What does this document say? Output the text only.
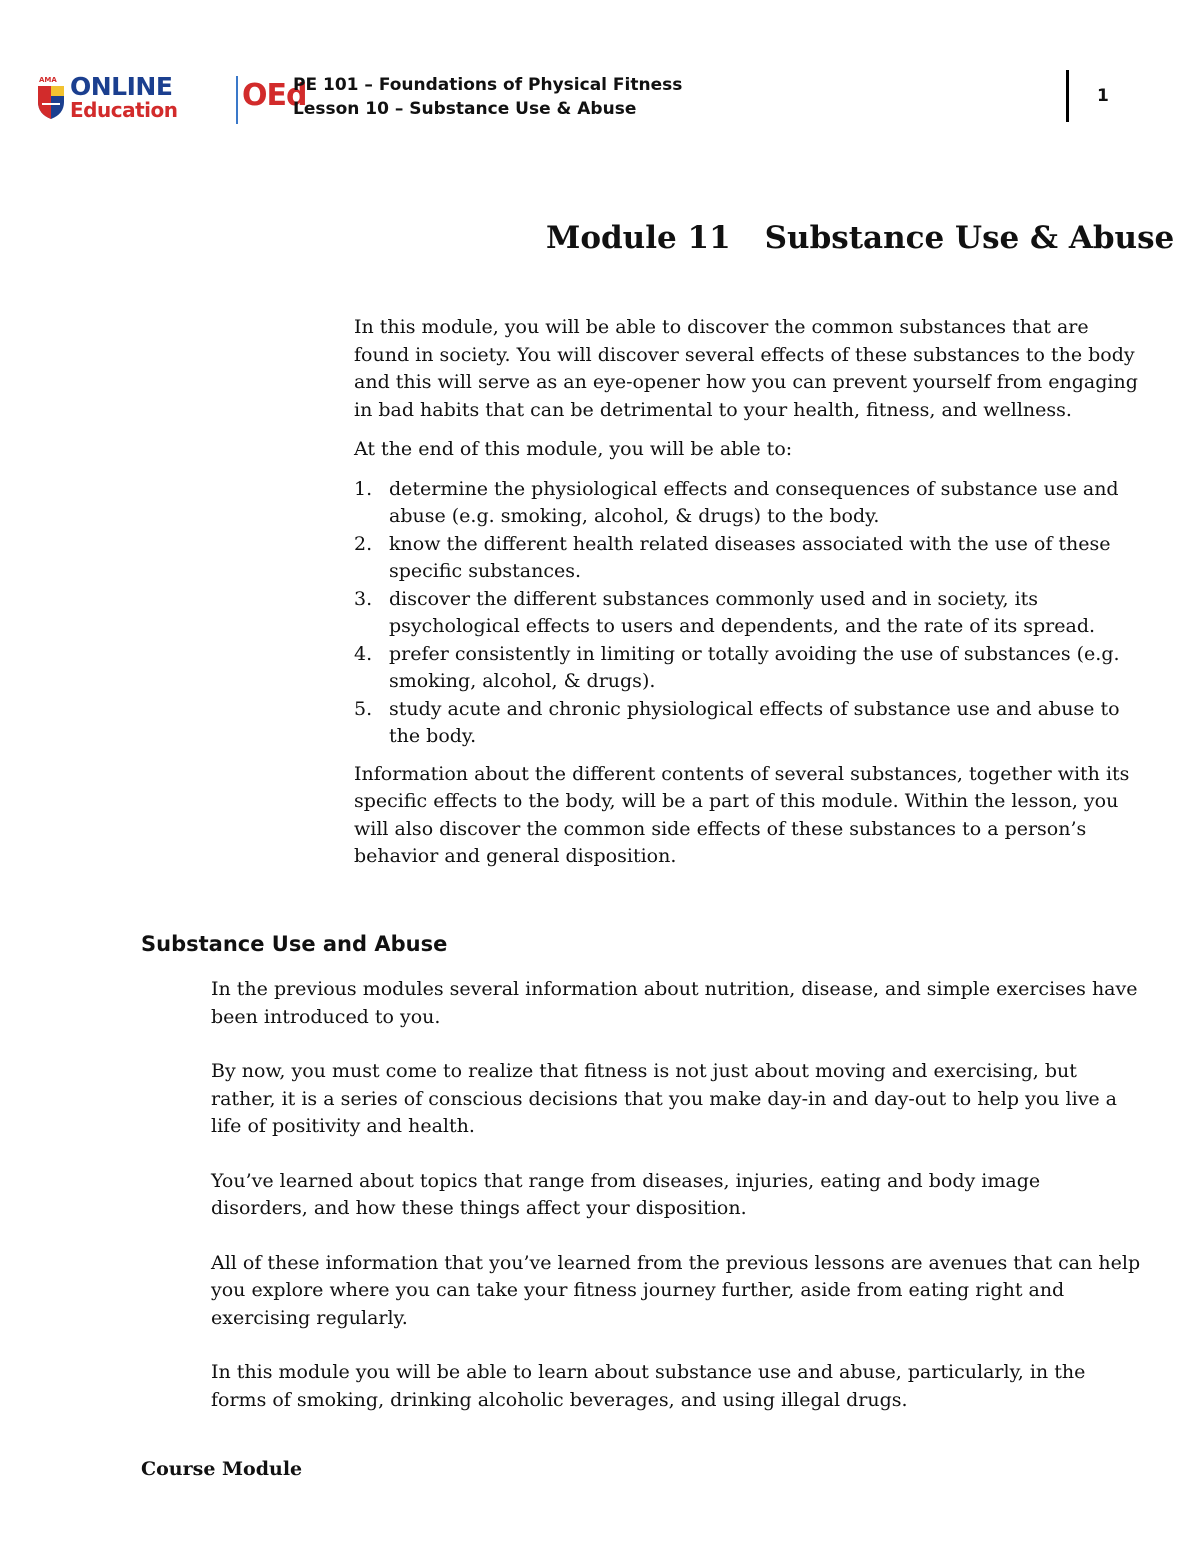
AMA ONLINE
Education OEd
PE 101 – Foundations of Physical Fitness
Lesson 10 – Substance Use & Abuse
1
Module 11 Substance Use & Abuse

In this module, you will be able to discover the common substances that are found in society. You will discover several effects of these substances to the body and this will serve as an eye-opener how you can prevent yourself from engaging in bad habits that can be detrimental to your health, fitness, and wellness.

At the end of this module, you will be able to:

1. determine the physiological effects and consequences of substance use and abuse (e.g. smoking, alcohol, & drugs) to the body.
2. know the different health related diseases associated with the use of these specific substances.
3. discover the different substances commonly used and in society, its psychological effects to users and dependents, and the rate of its spread.
4. prefer consistently in limiting or totally avoiding the use of substances (e.g. smoking, alcohol, & drugs).
5. study acute and chronic physiological effects of substance use and abuse to the body.

Information about the different contents of several substances, together with its specific effects to the body, will be a part of this module. Within the lesson, you will also discover the common side effects of these substances to a person’s behavior and general disposition.

Substance Use and Abuse

In the previous modules several information about nutrition, disease, and simple exercises have been introduced to you.

By now, you must come to realize that fitness is not just about moving and exercising, but rather, it is a series of conscious decisions that you make day-in and day-out to help you live a life of positivity and health.

You’ve learned about topics that range from diseases, injuries, eating and body image disorders, and how these things affect your disposition.

All of these information that you’ve learned from the previous lessons are avenues that can help you explore where you can take your fitness journey further, aside from eating right and exercising regularly.

In this module you will be able to learn about substance use and abuse, particularly, in the forms of smoking, drinking alcoholic beverages, and using illegal drugs.

Course Module
